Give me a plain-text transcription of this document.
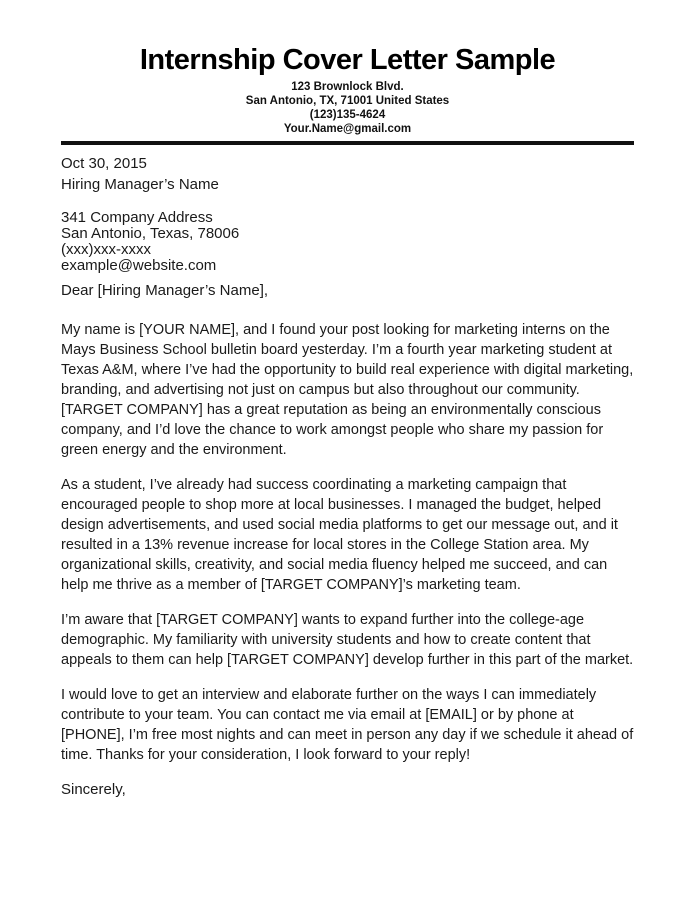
Internship Cover Letter Sample
123 Brownlock Blvd.
San Antonio, TX, 71001 United States
(123)135-4624
Your.Name@gmail.com

Oct 30, 2015

Hiring Manager’s Name

341 Company Address
San Antonio, Texas, 78006
(xxx)xxx-xxxx
example@website.com

Dear [Hiring Manager’s Name],

My name is [YOUR NAME], and I found your post looking for marketing interns on the Mays Business School bulletin board yesterday. I’m a fourth year marketing student at Texas A&M, where I’ve had the opportunity to build real experience with digital marketing, branding, and advertising not just on campus but also throughout our community. [TARGET COMPANY] has a great reputation as being an environmentally conscious company, and I’d love the chance to work amongst people who share my passion for green energy and the environment.

As a student, I’ve already had success coordinating a marketing campaign that encouraged people to shop more at local businesses. I managed the budget, helped design advertisements, and used social media platforms to get our message out, and it resulted in a 13% revenue increase for local stores in the College Station area. My organizational skills, creativity, and social media fluency helped me succeed, and can help me thrive as a member of [TARGET COMPANY]’s marketing team.

I’m aware that [TARGET COMPANY] wants to expand further into the college-age demographic. My familiarity with university students and how to create content that appeals to them can help [TARGET COMPANY] develop further in this part of the market.

I would love to get an interview and elaborate further on the ways I can immediately contribute to your team. You can contact me via email at [EMAIL] or by phone at [PHONE], I’m free most nights and can meet in person any day if we schedule it ahead of time. Thanks for your consideration, I look forward to your reply!

Sincerely,
